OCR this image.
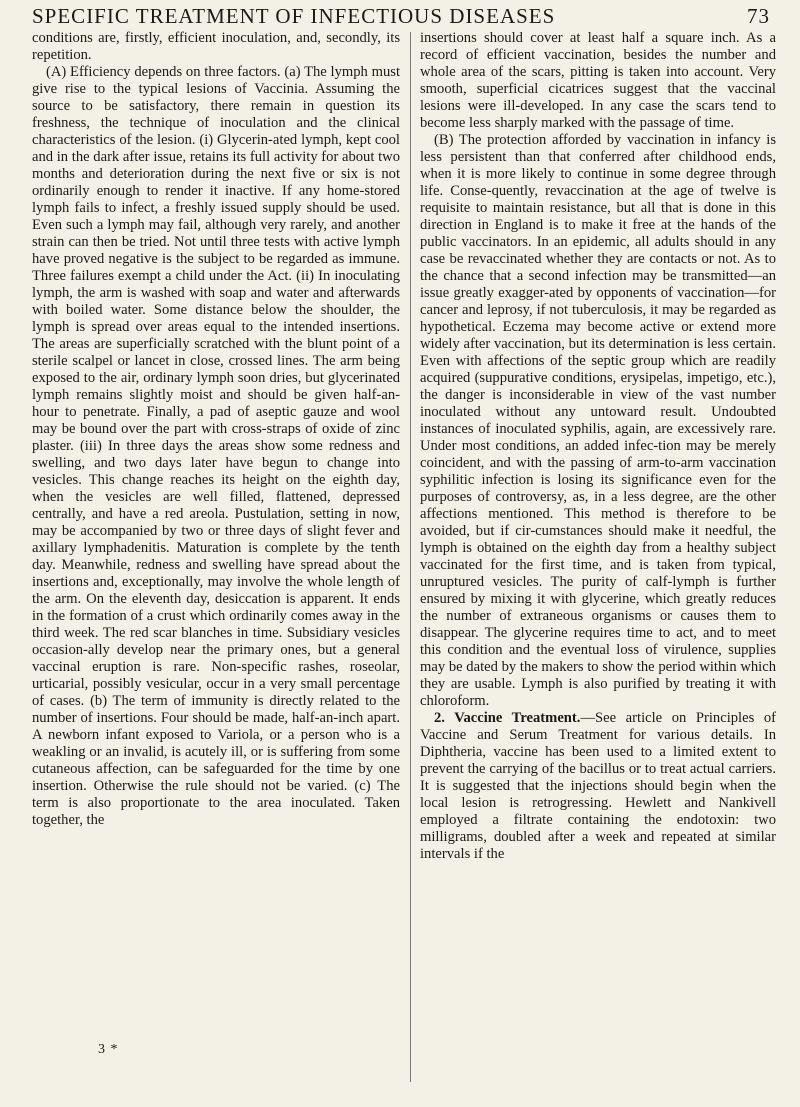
SPECIFIC TREATMENT OF INFECTIOUS DISEASES	73

conditions are, firstly, efficient inoculation, and, secondly, its repetition.

(A) Efficiency depends on three factors. (a) The lymph must give rise to the typical lesions of Vaccinia. Assuming the source to be satisfactory, there remain in question its freshness, the technique of inoculation and the clinical characteristics of the lesion. (i) Glycerin-ated lymph, kept cool and in the dark after issue, retains its full activity for about two months and deterioration during the next five or six is not ordinarily enough to render it inactive. If any home-stored lymph fails to infect, a freshly issued supply should be used. Even such a lymph may fail, although very rarely, and another strain can then be tried. Not until three tests with active lymph have proved negative is the subject to be regarded as immune. Three failures exempt a child under the Act. (ii) In inoculating lymph, the arm is washed with soap and water and afterwards with boiled water. Some distance below the shoulder, the lymph is spread over areas equal to the intended insertions. The areas are superficially scratched with the blunt point of a sterile scalpel or lancet in close, crossed lines. The arm being exposed to the air, ordinary lymph soon dries, but glycerinated lymph remains slightly moist and should be given half-an-hour to penetrate. Finally, a pad of aseptic gauze and wool may be bound over the part with cross-straps of oxide of zinc plaster. (iii) In three days the areas show some redness and swelling, and two days later have begun to change into vesicles. This change reaches its height on the eighth day, when the vesicles are well filled, flattened, depressed centrally, and have a red areola. Pustulation, setting in now, may be accompanied by two or three days of slight fever and axillary lymphadenitis. Maturation is complete by the tenth day. Meanwhile, redness and swelling have spread about the insertions and, exceptionally, may involve the whole length of the arm. On the eleventh day, desiccation is apparent. It ends in the formation of a crust which ordinarily comes away in the third week. The red scar blanches in time. Subsidiary vesicles occasion-ally develop near the primary ones, but a general vaccinal eruption is rare. Non-specific rashes, roseolar, urticarial, possibly vesicular, occur in a very small percentage of cases. (b) The term of immunity is directly related to the number of insertions. Four should be made, half-an-inch apart. A newborn infant exposed to Variola, or a person who is a weakling or an invalid, is acutely ill, or is suffering from some cutaneous affection, can be safeguarded for the time by one insertion. Otherwise the rule should not be varied. (c) The term is also proportionate to the area inoculated. Taken together, the

3 *

insertions should cover at least half a square inch. As a record of efficient vaccination, besides the number and whole area of the scars, pitting is taken into account. Very smooth, superficial cicatrices suggest that the vaccinal lesions were ill-developed. In any case the scars tend to become less sharply marked with the passage of time.

(B) The protection afforded by vaccination in infancy is less persistent than that conferred after childhood ends, when it is more likely to continue in some degree through life. Conse-quently, revaccination at the age of twelve is requisite to maintain resistance, but all that is done in this direction in England is to make it free at the hands of the public vaccinators. In an epidemic, all adults should in any case be revaccinated whether they are contacts or not. As to the chance that a second infection may be transmitted—an issue greatly exagger-ated by opponents of vaccination—for cancer and leprosy, if not tuberculosis, it may be regarded as hypothetical. Eczema may become active or extend more widely after vaccination, but its determination is less certain. Even with affections of the septic group which are readily acquired (suppurative conditions, erysipelas, impetigo, etc.), the danger is inconsiderable in view of the vast number inoculated without any untoward result. Undoubted instances of inoculated syphilis, again, are excessively rare. Under most conditions, an added infec-tion may be merely coincident, and with the passing of arm-to-arm vaccination syphilitic infection is losing its significance even for the purposes of controversy, as, in a less degree, are the other affections mentioned. This method is therefore to be avoided, but if cir-cumstances should make it needful, the lymph is obtained on the eighth day from a healthy subject vaccinated for the first time, and is taken from typical, unruptured vesicles. The purity of calf-lymph is further ensured by mixing it with glycerine, which greatly reduces the number of extraneous organisms or causes them to disappear. The glycerine requires time to act, and to meet this condition and the eventual loss of virulence, supplies may be dated by the makers to show the period within which they are usable. Lymph is also purified by treating it with chloroform.

2. Vaccine Treatment.—See article on Principles of Vaccine and Serum Treatment for various details. In Diphtheria, vaccine has been used to a limited extent to prevent the carrying of the bacillus or to treat actual carriers. It is suggested that the injections should begin when the local lesion is retrogressing. Hewlett and Nankivell employed a filtrate containing the endotoxin: two milligrams, doubled after a week and repeated at similar intervals if the
